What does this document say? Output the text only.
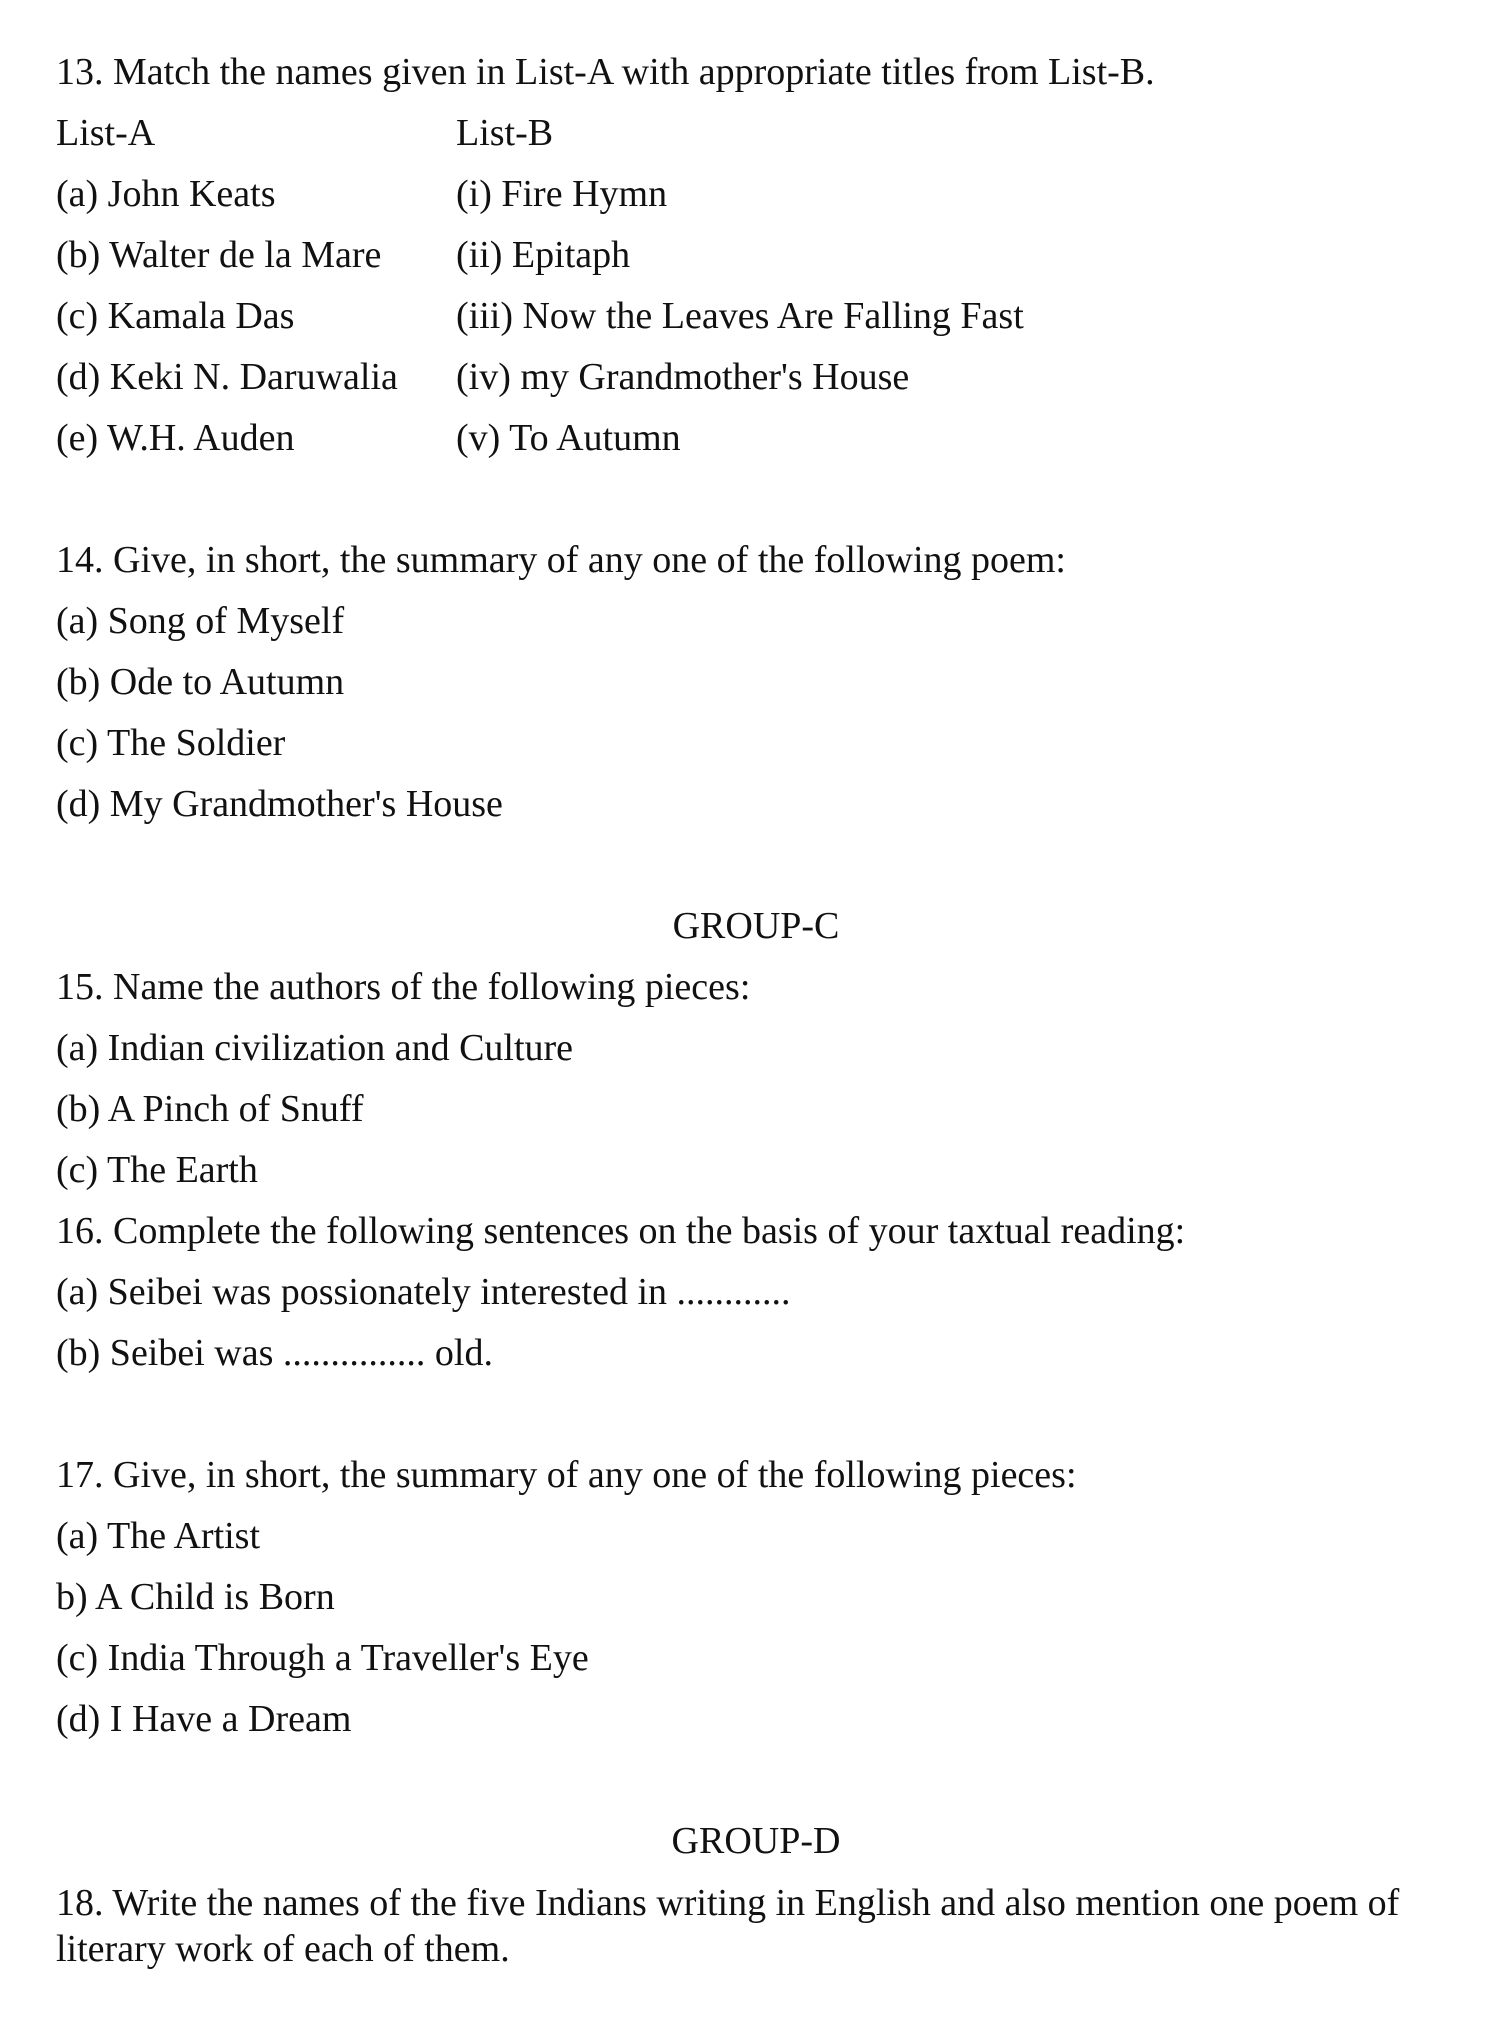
13. Match the names given in List-A with appropriate titles from List-B.
List-A	List-B
(a) John Keats	(i) Fire Hymn
(b) Walter de la Mare	(ii) Epitaph
(c) Kamala Das	(iii) Now the Leaves Are Falling Fast
(d) Keki N. Daruwalia	(iv) my Grandmother's House
(e) W.H. Auden	(v) To Autumn
14. Give, in short, the summary of any one of the following poem:
(a) Song of Myself
(b) Ode to Autumn
(c) The Soldier
(d) My Grandmother's House
GROUP-C
15. Name the authors of the following pieces:
(a) Indian civilization and Culture
(b) A Pinch of Snuff
(c) The Earth
16. Complete the following sentences on the basis of your taxtual reading:
(a) Seibei was possionately interested in ............
(b) Seibei was ............... old.
17. Give, in short, the summary of any one of the following pieces:
(a) The Artist
b) A Child is Born
(c) India Through a Traveller's Eye
(d) I Have a Dream
GROUP-D
18. Write the names of the five Indians writing in English and also mention one poem of literary work of each of them.
